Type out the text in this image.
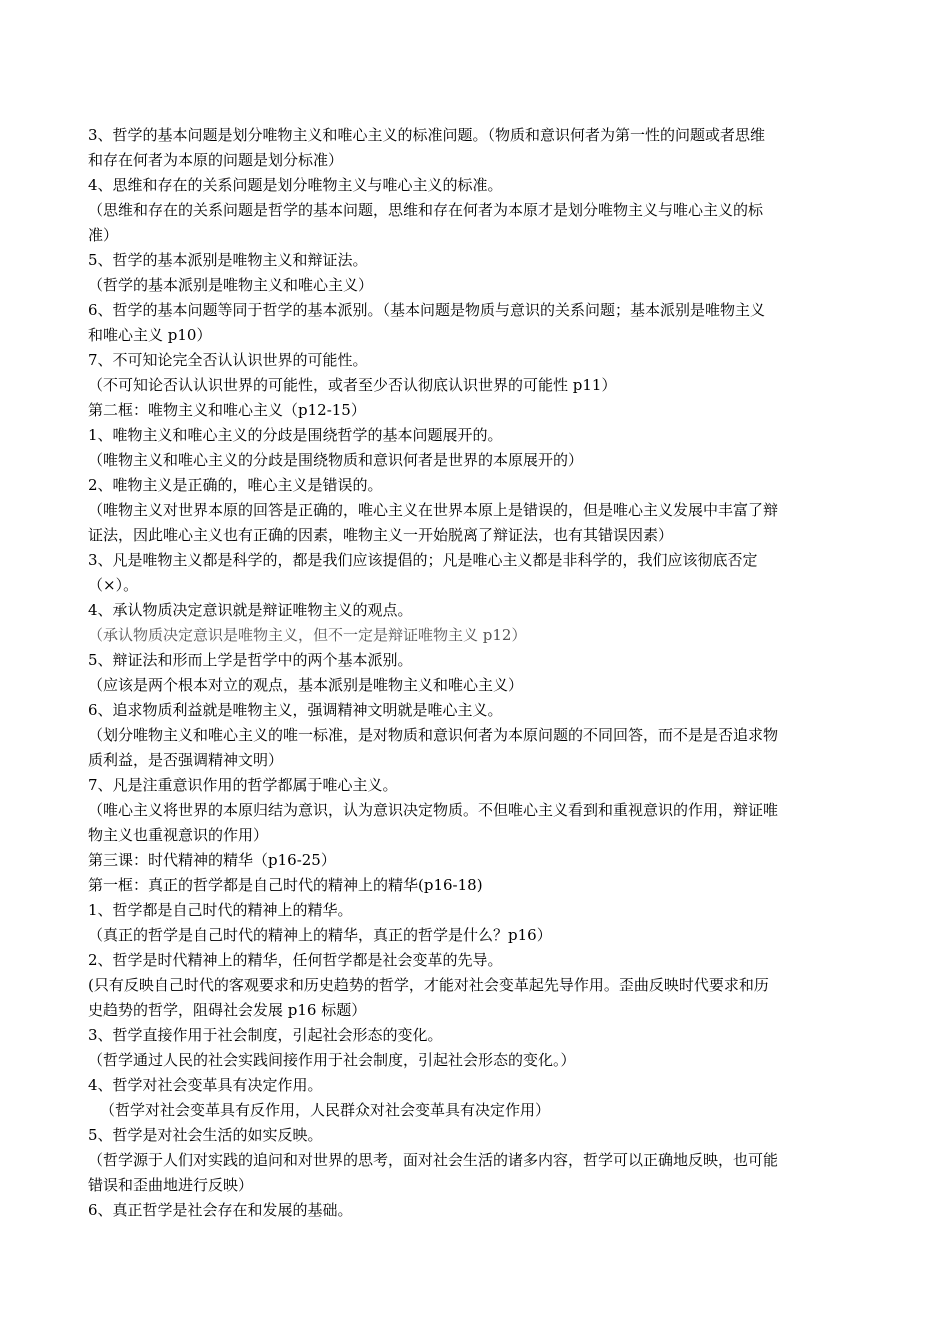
3、哲学的基本问题是划分唯物主义和唯心主义的标准问题。（物质和意识何者为第一性的问题或者思维
和存在何者为本原的问题是划分标准）
4、思维和存在的关系问题是划分唯物主义与唯心主义的标准。
（思维和存在的关系问题是哲学的基本问题，思维和存在何者为本原才是划分唯物主义与唯心主义的标
准）
5、哲学的基本派别是唯物主义和辩证法。
（哲学的基本派别是唯物主义和唯心主义）
6、哲学的基本问题等同于哲学的基本派别。（基本问题是物质与意识的关系问题；基本派别是唯物主义
和唯心主义 p10）
7、不可知论完全否认认识世界的可能性。
（不可知论否认认识世界的可能性，或者至少否认彻底认识世界的可能性 p11）
第二框：唯物主义和唯心主义（p12-15）
1、唯物主义和唯心主义的分歧是围绕哲学的基本问题展开的。
（唯物主义和唯心主义的分歧是围绕物质和意识何者是世界的本原展开的）
2、唯物主义是正确的，唯心主义是错误的。
（唯物主义对世界本原的回答是正确的，唯心主义在世界本原上是错误的，但是唯心主义发展中丰富了辩
证法，因此唯心主义也有正确的因素，唯物主义一开始脱离了辩证法，也有其错误因素）
3、凡是唯物主义都是科学的，都是我们应该提倡的；凡是唯心主义都是非科学的，我们应该彻底否定
（×）。
4、承认物质决定意识就是辩证唯物主义的观点。
（承认物质决定意识是唯物主义，但不一定是辩证唯物主义 p12）
5、辩证法和形而上学是哲学中的两个基本派别。
（应该是两个根本对立的观点，基本派别是唯物主义和唯心主义）
6、追求物质利益就是唯物主义，强调精神文明就是唯心主义。
（划分唯物主义和唯心主义的唯一标准，是对物质和意识何者为本原问题的不同回答，而不是是否追求物
质利益，是否强调精神文明）
7、凡是注重意识作用的哲学都属于唯心主义。
（唯心主义将世界的本原归结为意识，认为意识决定物质。不但唯心主义看到和重视意识的作用，辩证唯
物主义也重视意识的作用）
第三课：时代精神的精华（p16-25）
第一框：真正的哲学都是自己时代的精神上的精华(p16-18)
1、哲学都是自己时代的精神上的精华。
（真正的哲学是自己时代的精神上的精华，真正的哲学是什么？p16）
2、哲学是时代精神上的精华，任何哲学都是社会变革的先导。
(只有反映自己时代的客观要求和历史趋势的哲学，才能对社会变革起先导作用。歪曲反映时代要求和历
史趋势的哲学，阻碍社会发展 p16 标题）
3、哲学直接作用于社会制度，引起社会形态的变化。
（哲学通过人民的社会实践间接作用于社会制度，引起社会形态的变化。）
4、哲学对社会变革具有决定作用。
（哲学对社会变革具有反作用，人民群众对社会变革具有决定作用）
5、哲学是对社会生活的如实反映。
（哲学源于人们对实践的追问和对世界的思考，面对社会生活的诸多内容，哲学可以正确地反映，也可能
错误和歪曲地进行反映）
6、真正哲学是社会存在和发展的基础。
